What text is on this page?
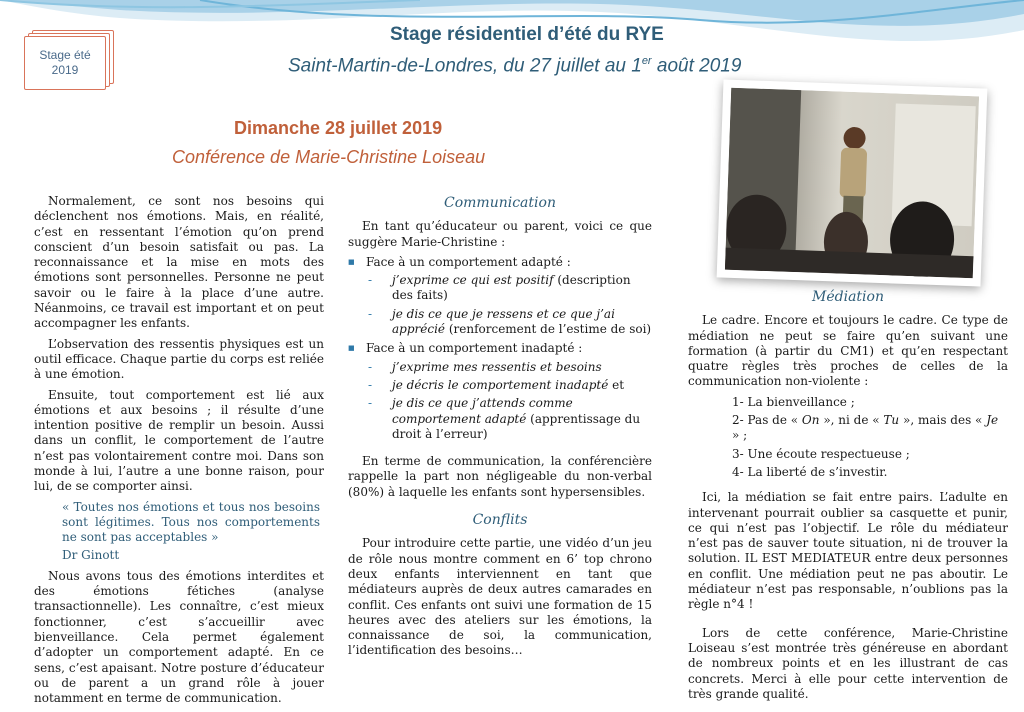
Stage été
2019
Stage résidentiel d’été du RYE
Saint-Martin-de-Londres, du 27 juillet au 1er août 2019
Dimanche 28 juillet 2019
Conférence de Marie-Christine Loiseau

Normalement, ce sont nos besoins qui déclenchent nos émotions. Mais, en réalité, c’est en ressentant l’émotion qu’on prend conscient d’un besoin satisfait ou pas. La reconnaissance et la mise en mots des émotions sont personnelles. Personne ne peut savoir ou le faire à la place d’une autre. Néanmoins, ce travail est important et on peut accompagner les enfants.

L’observation des ressentis physiques est un outil efficace. Chaque partie du corps est reliée à une émotion.

Ensuite, tout comportement est lié aux émotions et aux besoins ; il résulte d’une intention positive de remplir un besoin. Aussi dans un conflit, le comportement de l’autre n’est pas volontairement contre moi. Dans son monde à lui, l’autre a une bonne raison, pour lui, de se comporter ainsi.

« Toutes nos émotions et tous nos besoins sont légitimes. Tous nos comportements ne sont pas acceptables »
Dr Ginott

Nous avons tous des émotions interdites et des émotions fétiches (analyse transactionnelle). Les connaître, c’est mieux fonctionner, c’est s’accueillir avec bienveillance. Cela permet également d’adopter un comportement adapté. En ce sens, c’est apaisant. Notre posture d’éducateur ou de parent a un grand rôle à jouer notamment en terme de communication.

Communication

En tant qu’éducateur ou parent, voici ce que suggère Marie-Christine :

■ Face à un comportement adapté :
- j’exprime ce qui est positif (description des faits)
- je dis ce que je ressens et ce que j’ai apprécié (renforcement de l’estime de soi)
■ Face à un comportement inadapté :
- j’exprime mes ressentis et besoins
- je décris le comportement inadapté et
- je dis ce que j’attends comme comportement adapté (apprentissage du droit à l’erreur)

En terme de communication, la conférencière rappelle la part non négligeable du non-verbal (80%) à laquelle les enfants sont hypersensibles.

Conflits

Pour introduire cette partie, une vidéo d’un jeu de rôle nous montre comment en 6’ top chrono deux enfants interviennent en tant que médiateurs auprès de deux autres camarades en conflit. Ces enfants ont suivi une formation de 15 heures avec des ateliers sur les émotions, la connaissance de soi, la communication, l’identification des besoins…

Médiation

Le cadre. Encore et toujours le cadre. Ce type de médiation ne peut se faire qu’en suivant une formation (à partir du CM1) et qu’en respectant quatre règles très proches de celles de la communication non-violente :

1- La bienveillance ;
2- Pas de « On », ni de « Tu », mais des « Je » ;
3- Une écoute respectueuse ;
4- La liberté de s’investir.

Ici, la médiation se fait entre pairs. L’adulte en intervenant pourrait oublier sa casquette et punir, ce qui n’est pas l’objectif. Le rôle du médiateur n’est pas de sauver toute situation, ni de trouver la solution. IL EST MEDIATEUR entre deux personnes en conflit. Une médiation peut ne pas aboutir. Le médiateur n’est pas responsable, n’oublions pas la règle n°4 !

Lors de cette conférence, Marie-Christine Loiseau s’est montrée très généreuse en abordant de nombreux points et en les illustrant de cas concrets. Merci à elle pour cette intervention de très grande qualité.
